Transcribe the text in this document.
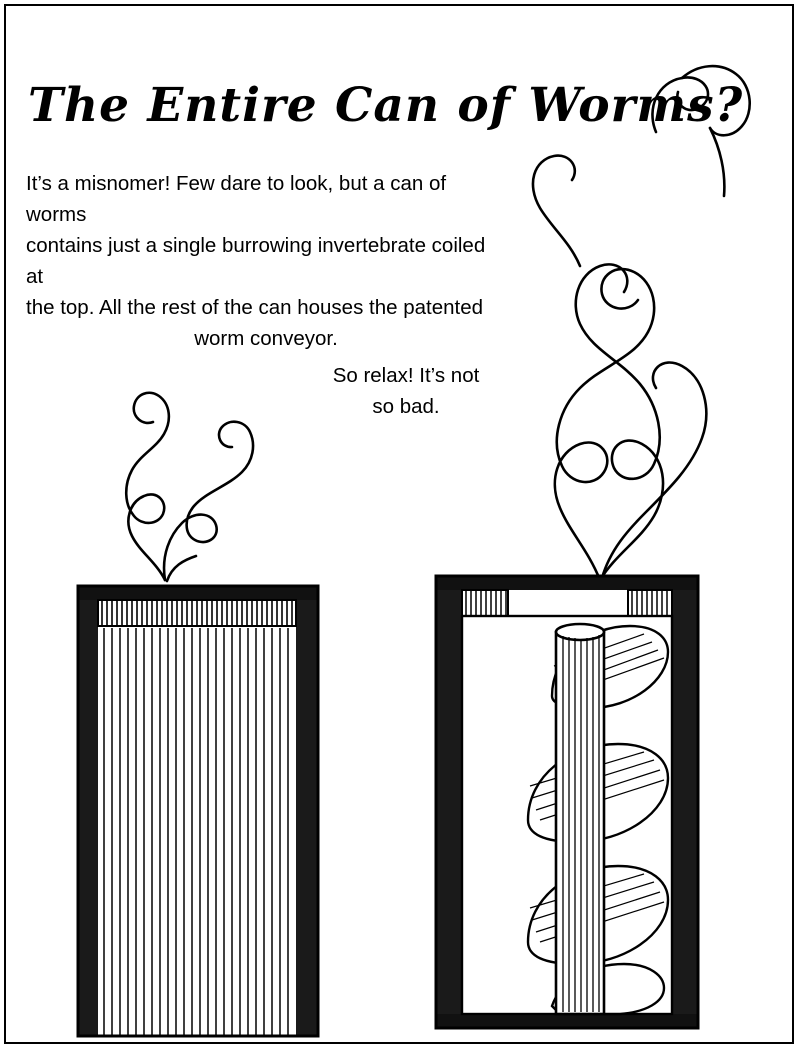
The Entire Can of Worms?
It’s a misnomer! Few dare to look, but a can of worms
contains just a single burrowing invertebrate coiled at
the top. All the rest of the can houses the patented
worm conveyor.
So relax! It’s not
so bad.
